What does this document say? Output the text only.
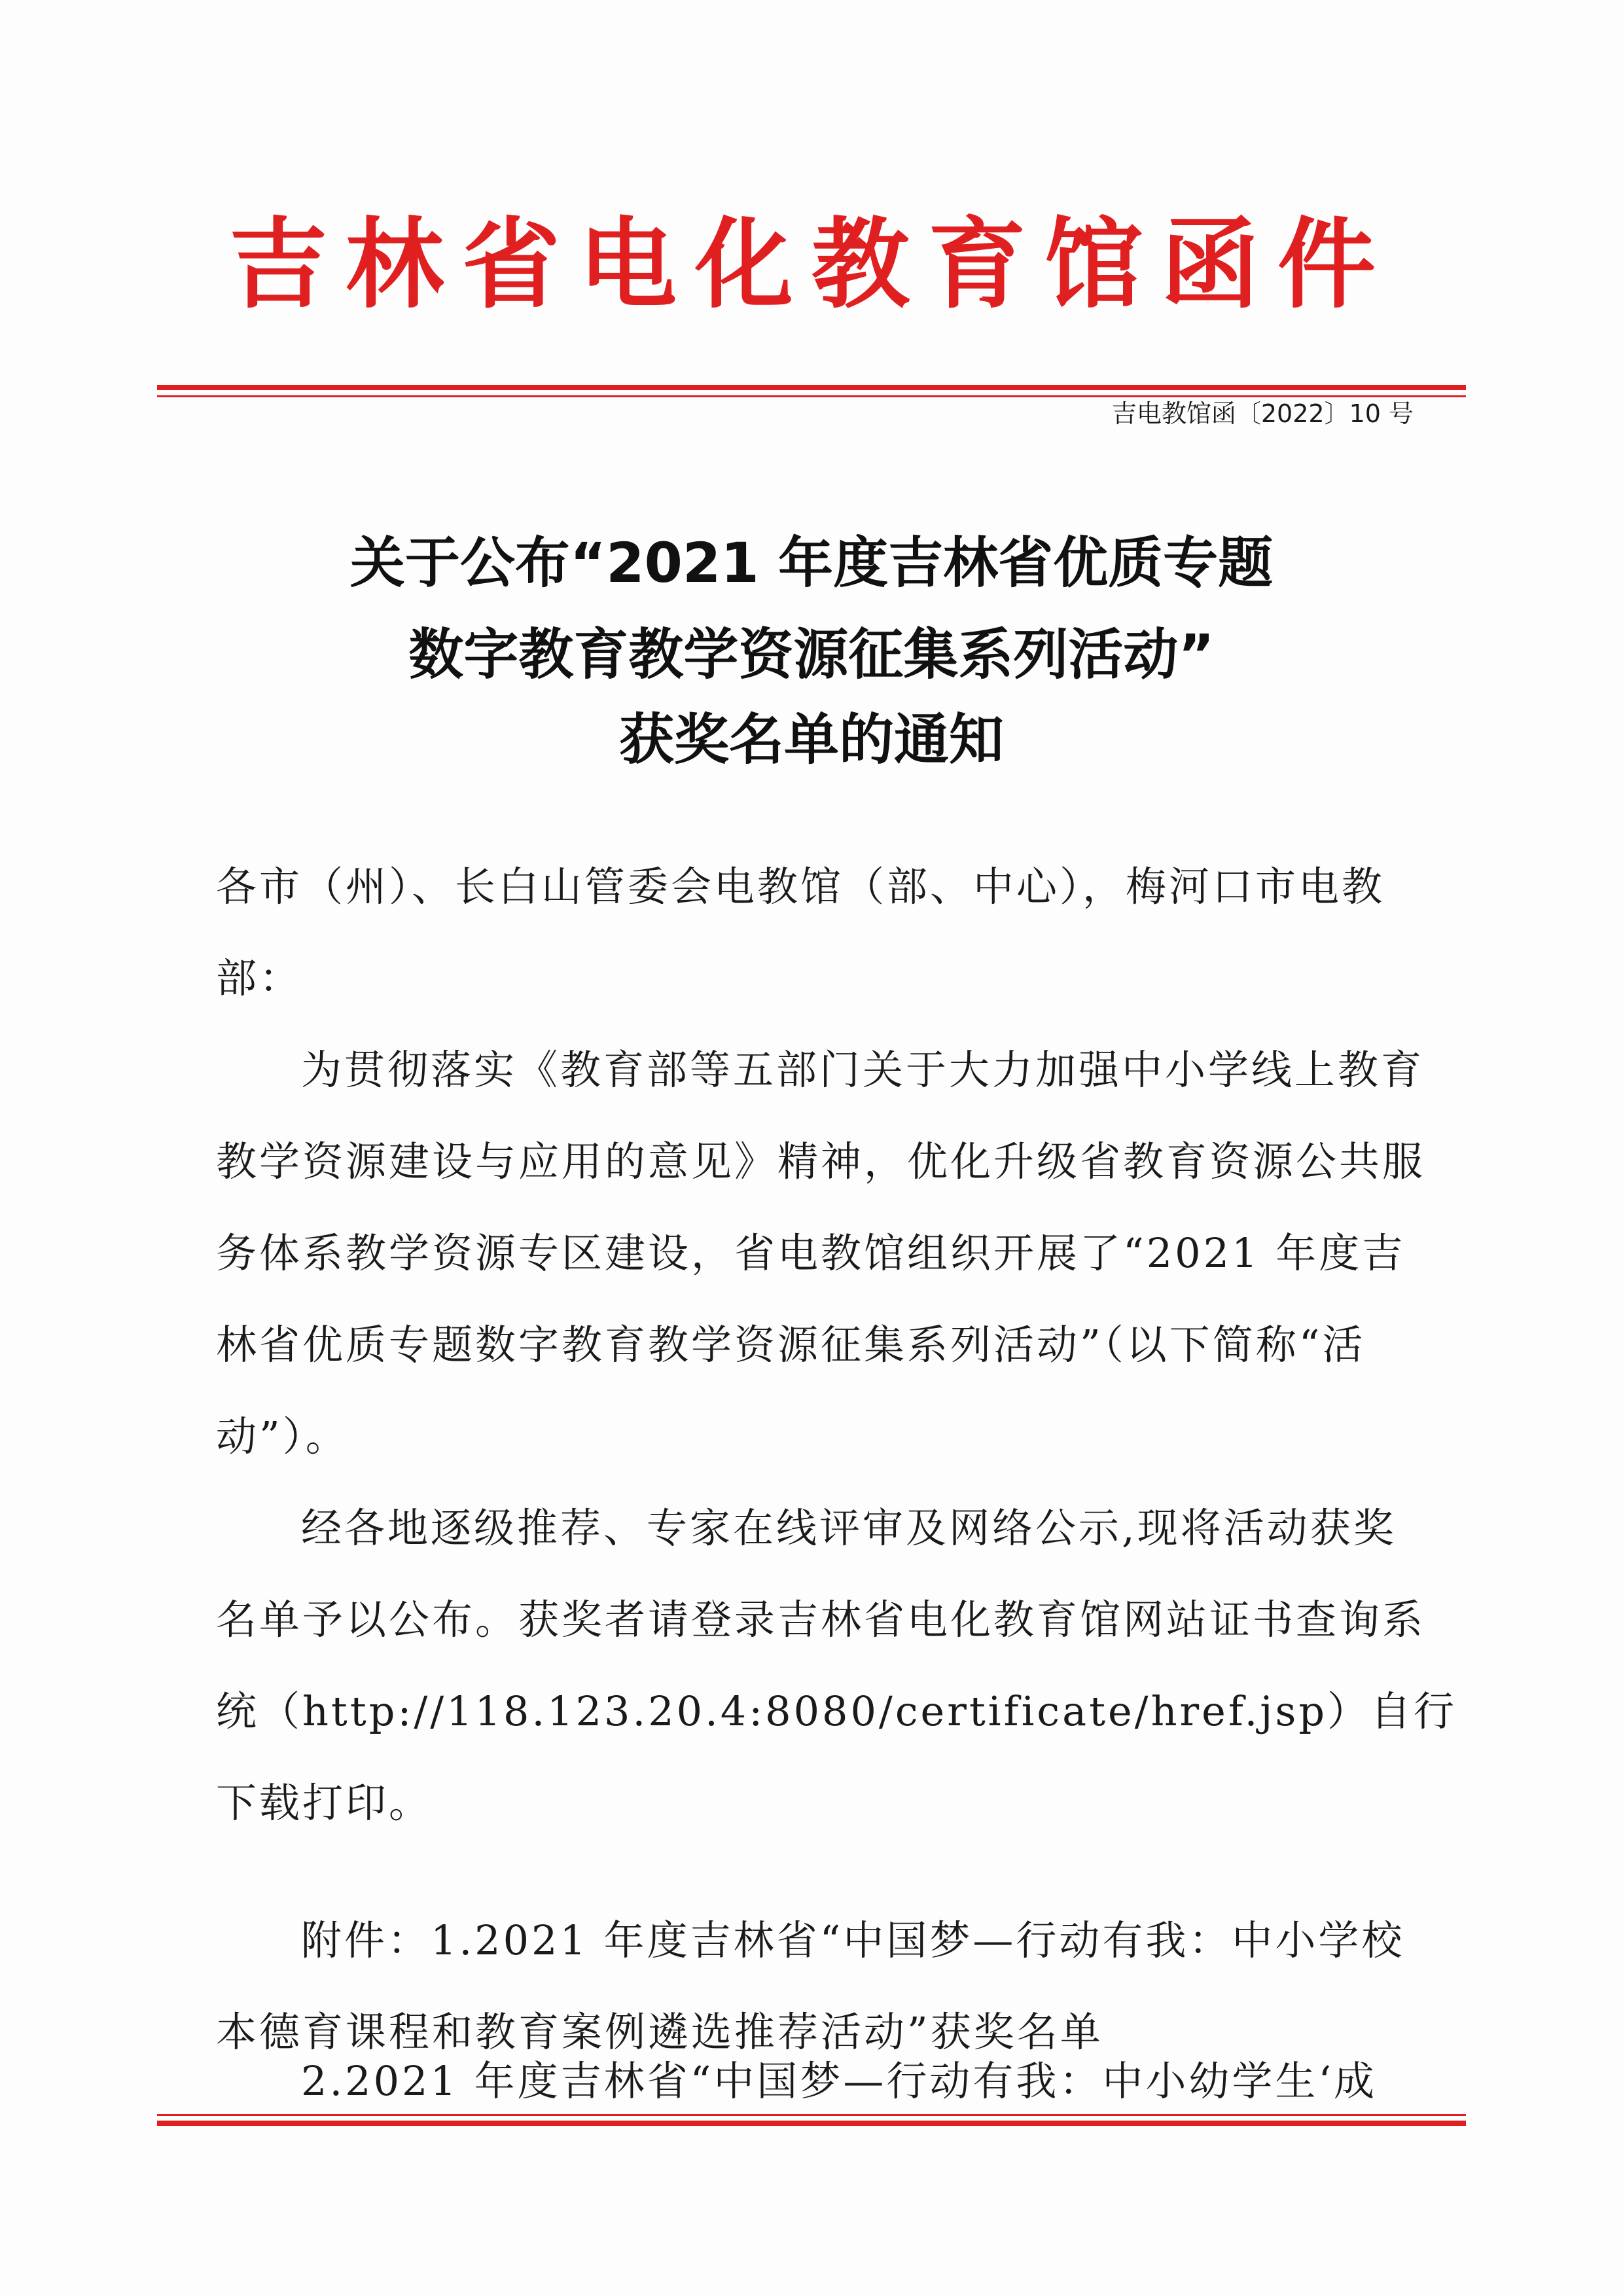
吉林省电化教育馆函件
吉电教馆函〔2022〕10 号
关于公布“2021 年度吉林省优质专题
数字教育教学资源征集系列活动”
获奖名单的通知
各市（州）、长白山管委会电教馆（部、中心），梅河口市电教
部：
为贯彻落实《教育部等五部门关于大力加强中小学线上教育
教学资源建设与应用的意见》精神，优化升级省教育资源公共服
务体系教学资源专区建设，省电教馆组织开展了“2021 年度吉
林省优质专题数字教育教学资源征集系列活动”（以下简称“活
动”）。
经各地逐级推荐、专家在线评审及网络公示,现将活动获奖
名单予以公布。获奖者请登录吉林省电化教育馆网站证书查询系
统（http://118.123.20.4:8080/certificate/href.jsp）自行
下载打印。
附件：1.2021 年度吉林省“中国梦—行动有我：中小学校
本德育课程和教育案例遴选推荐活动”获奖名单
2.2021 年度吉林省“中国梦—行动有我：中小幼学生‘成
